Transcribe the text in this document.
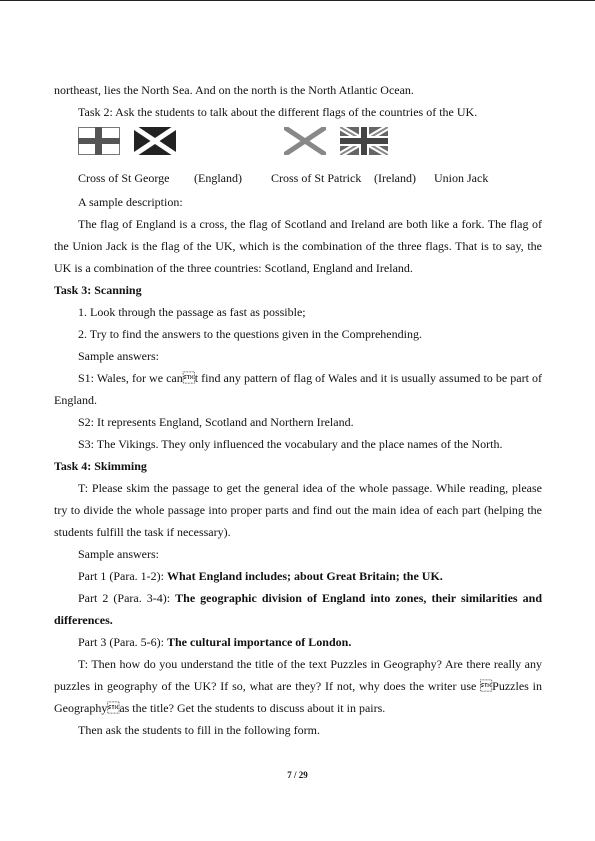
northeast, lies the North Sea. And on the north is the North Atlantic Ocean.
Task 2: Ask the students to talk about the different flags of the countries of the UK.
Cross of St George (England) Cross of St Patrick (Ireland) Union Jack
A sample description:
The flag of England is a cross, the flag of Scotland and Ireland are both like a fork. The flag of
the Union Jack is the flag of the UK, which is the combination of the three flags. That is to say, the
UK is a combination of the three countries: Scotland, England and Ireland.
Task 3: Scanning
1. Look through the passage as fast as possible;
2. Try to find the answers to the questions given in the Comprehending.
Sample answers:
S1: Wales, for we cant find any pattern of flag of Wales and it is usually assumed to be part of
England.
S2: It represents England, Scotland and Northern Ireland.
S3: The Vikings. They only influenced the vocabulary and the place names of the North.
Task 4: Skimming
T: Please skim the passage to get the general idea of the whole passage. While reading, please
try to divide the whole passage into proper parts and find out the main idea of each part (helping the
students fulfill the task if necessary).
Sample answers:
Part 1 (Para. 1-2): What England includes; about Great Britain; the UK.
Part 2 (Para. 3-4): The geographic division of England into zones, their similarities and
differences.
Part 3 (Para. 5-6): The cultural importance of London.
T: Then how do you understand the title of the text Puzzles in Geography? Are there really any
puzzles in geography of the UK? If so, what are they? If not, why does the writer use Puzzles in
Geographyas the title? Get the students to discuss about it in pairs.
Then ask the students to fill in the following form.
7 / 29
